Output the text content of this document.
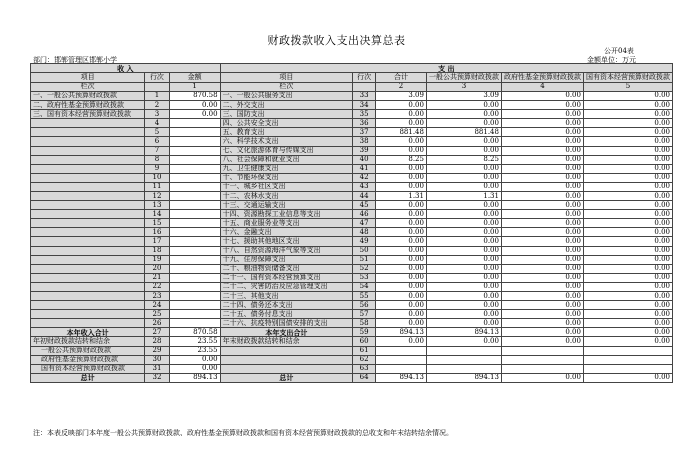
财政拨款收入支出决算总表
公开04表
部门：邯郸管理区邯郸小学	金额单位：万元
收 入			支 出					
项目	行次	金额	项目	行次	合计	一般公共预算财政拨款	政府性基金预算财政拨款	国有资本经营预算财政拨款
栏次		1	栏次		2	3	4	5
一、一般公共预算财政拨款	1	870.58	一、一般公共服务支出	33	3.09	3.09	0.00	0.00
二、政府性基金预算财政拨款	2	0.00	二、外交支出	34	0.00	0.00	0.00	0.00
三、国有资本经营预算财政拨款	3	0.00	三、国防支出	35	0.00	0.00	0.00	0.00
	4		四、公共安全支出	36	0.00	0.00	0.00	0.00
	5		五、教育支出	37	881.48	881.48	0.00	0.00
	6		六、科学技术支出	38	0.00	0.00	0.00	0.00
	7		七、文化旅游体育与传媒支出	39	0.00	0.00	0.00	0.00
	8		八、社会保障和就业支出	40	8.25	8.25	0.00	0.00
	9		九、卫生健康支出	41	0.00	0.00	0.00	0.00
	10		十、节能环保支出	42	0.00	0.00	0.00	0.00
	11		十一、城乡社区支出	43	0.00	0.00	0.00	0.00
	12		十二、农林水支出	44	1.31	1.31	0.00	0.00
	13		十三、交通运输支出	45	0.00	0.00	0.00	0.00
	14		十四、资源勘探工业信息等支出	46	0.00	0.00	0.00	0.00
	15		十五、商业服务业等支出	47	0.00	0.00	0.00	0.00
	16		十六、金融支出	48	0.00	0.00	0.00	0.00
	17		十七、援助其他地区支出	49	0.00	0.00	0.00	0.00
	18		十八、自然资源海洋气象等支出	50	0.00	0.00	0.00	0.00
	19		十九、住房保障支出	51	0.00	0.00	0.00	0.00
	20		二十、粮油物资储备支出	52	0.00	0.00	0.00	0.00
	21		二十一、国有资本经营预算支出	53	0.00	0.00	0.00	0.00
	22		二十二、灾害防治及应急管理支出	54	0.00	0.00	0.00	0.00
	23		二十三、其他支出	55	0.00	0.00	0.00	0.00
	24		二十四、债务还本支出	56	0.00	0.00	0.00	0.00
	25		二十五、债务付息支出	57	0.00	0.00	0.00	0.00
	26		二十六、抗疫特别国债安排的支出	58	0.00	0.00	0.00	0.00
本年收入合计	27	870.58	本年支出合计	59	894.13	894.13	0.00	0.00
年初财政拨款结转和结余	28	23.55	年末财政拨款结转和结余	60	0.00	0.00	0.00	0.00
一般公共预算财政拨款	29	23.55		61				
政府性基金预算财政拨款	30	0.00		62				
国有资本经营预算财政拨款	31	0.00		63				
总计	32	894.13	总计	64	894.13	894.13	0.00	0.00
注：本表反映部门本年度一般公共预算财政拨款、政府性基金预算财政拨款和国有资本经营预算财政拨款的总收支和年末结转结余情况。
